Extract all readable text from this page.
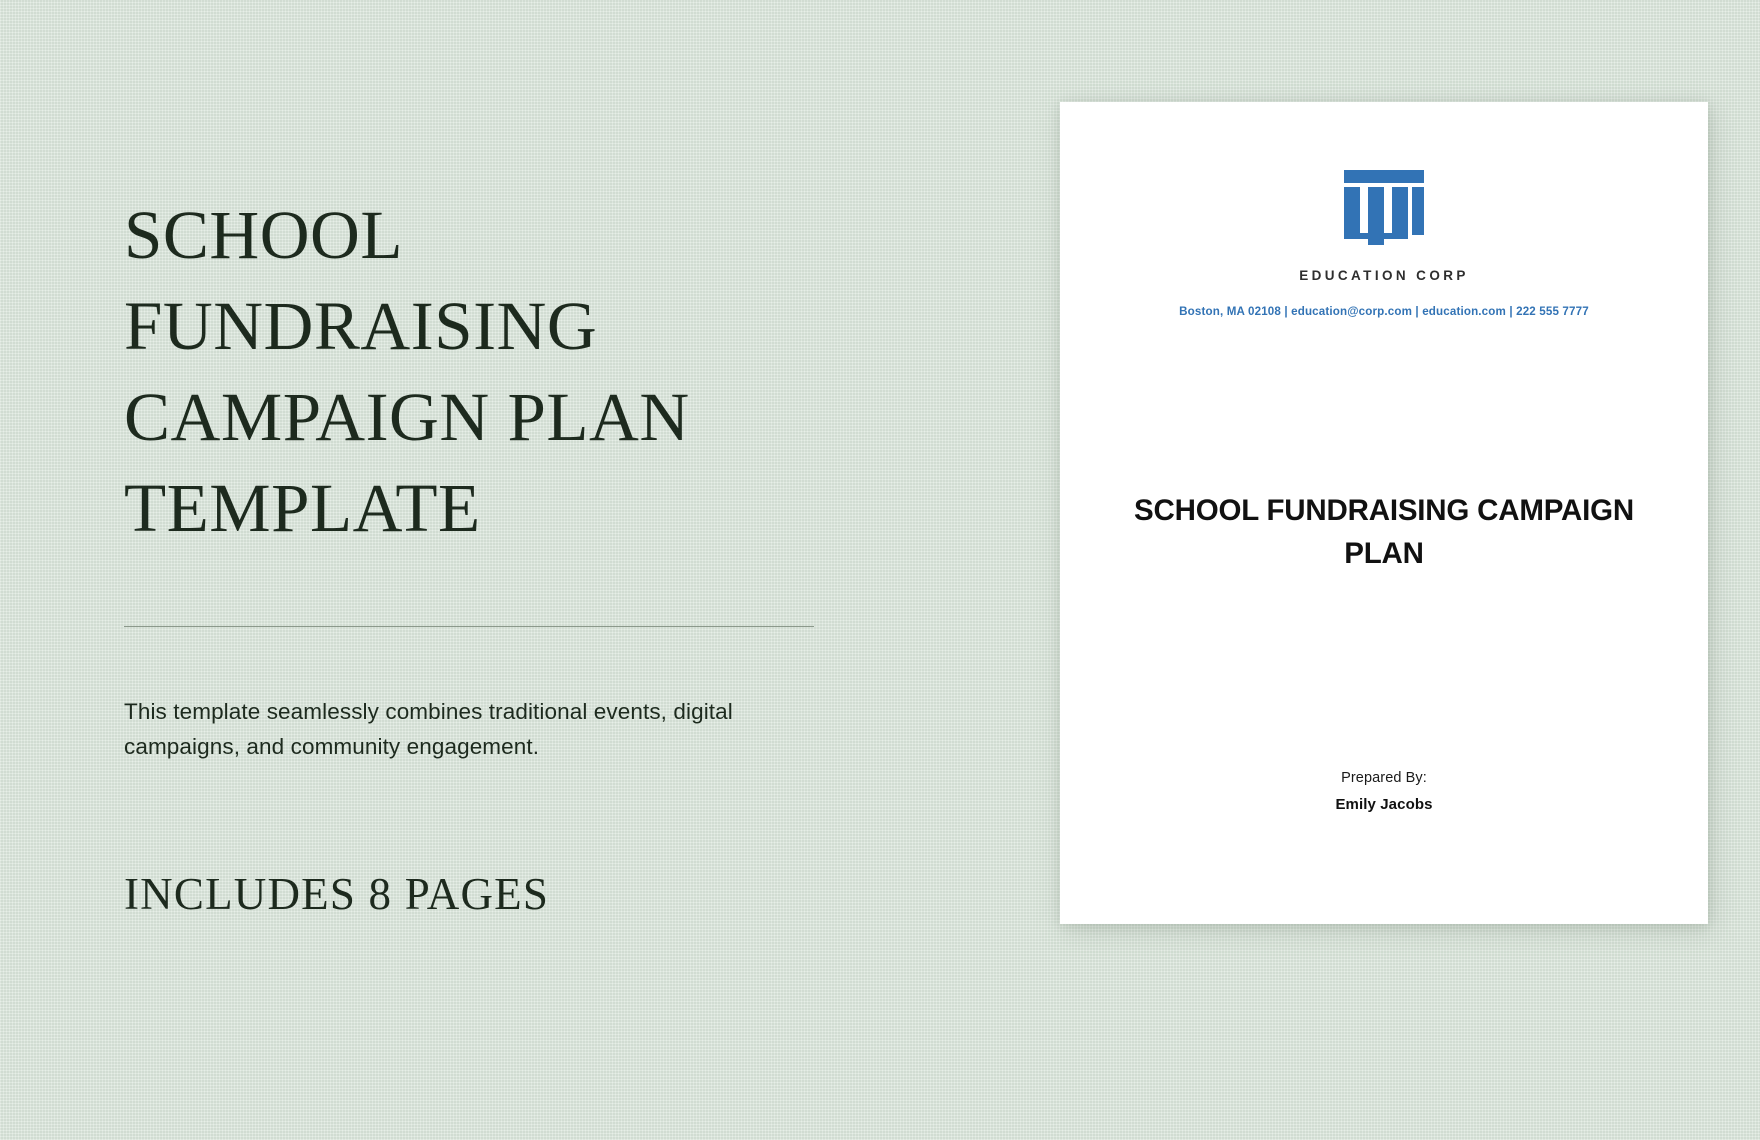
SCHOOL FUNDRAISING CAMPAIGN PLAN TEMPLATE
This template seamlessly combines traditional events, digital campaigns, and community engagement.
INCLUDES 8 PAGES
EDUCATION CORP
Boston, MA 02108 | education@corp.com | education.com | 222 555 7777
SCHOOL FUNDRAISING CAMPAIGN PLAN
Prepared By:
Emily Jacobs
